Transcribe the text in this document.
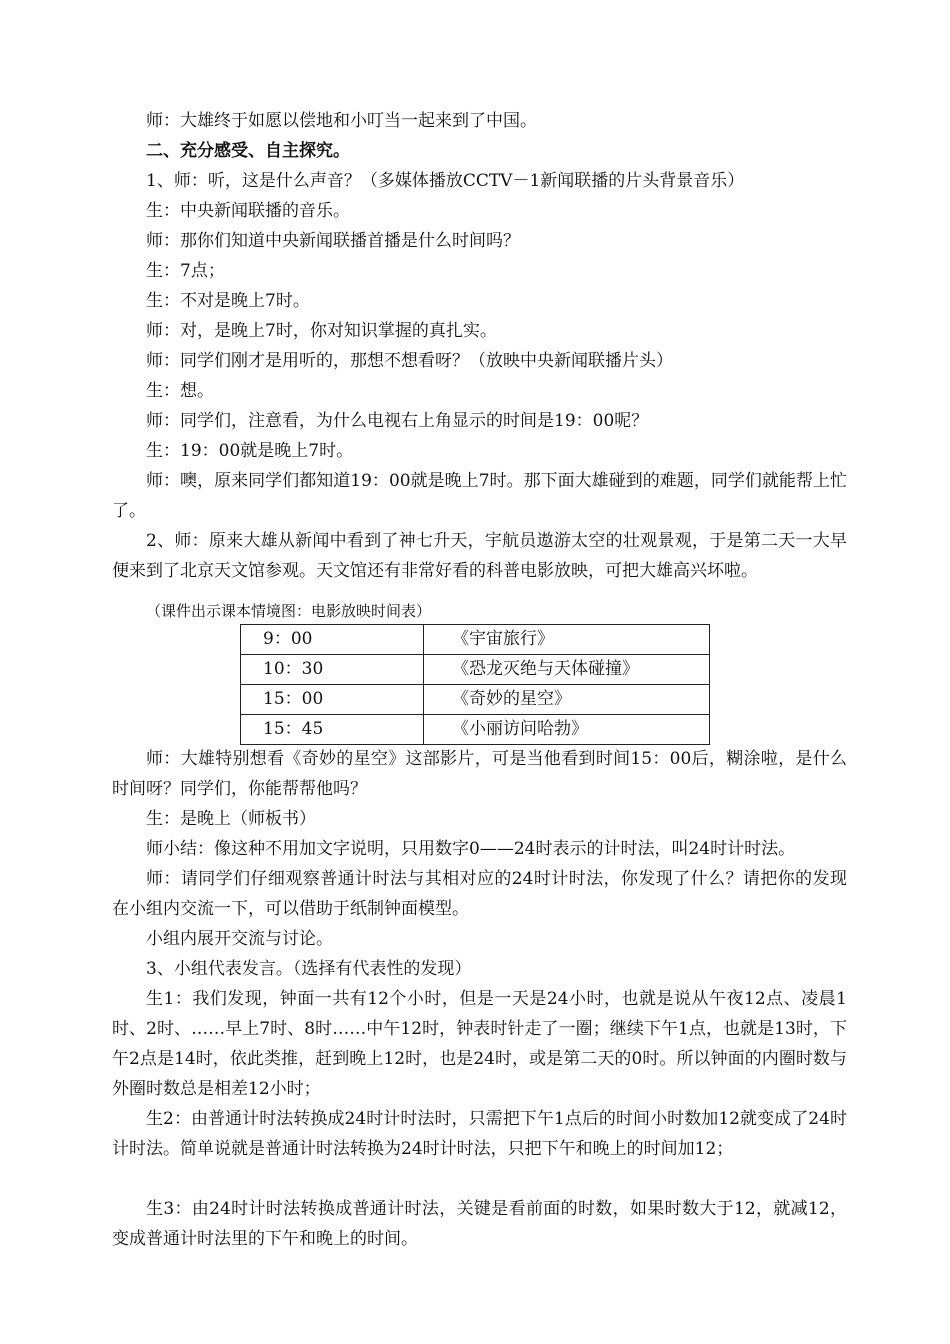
师：大雄终于如愿以偿地和小叮当一起来到了中国。

二、充分感受、自主探究。

1、师：听，这是什么声音？（多媒体播放CCTV－1新闻联播的片头背景音乐）

生：中央新闻联播的音乐。

师：那你们知道中央新闻联播首播是什么时间吗？

生：7点；

生：不对是晚上7时。

师：对，是晚上7时，你对知识掌握的真扎实。

师：同学们刚才是用听的，那想不想看呀？（放映中央新闻联播片头）

生：想。

师：同学们，注意看，为什么电视右上角显示的时间是19：00呢？

生：19：00就是晚上7时。

师：噢，原来同学们都知道19：00就是晚上7时。那下面大雄碰到的难题，同学们就能帮上忙了。

2、师：原来大雄从新闻中看到了神七升天，宇航员遨游太空的壮观景观，于是第二天一大早便来到了北京天文馆参观。天文馆还有非常好看的科普电影放映，可把大雄高兴坏啦。

（课件出示课本情境图：电影放映时间表）

9：00	《宇宙旅行》
10：30	《恐龙灭绝与天体碰撞》
15：00	《奇妙的星空》
15：45	《小丽访问哈勃》

师：大雄特别想看《奇妙的星空》这部影片，可是当他看到时间15：00后，糊涂啦，是什么时间呀？同学们，你能帮帮他吗？

生：是晚上（师板书）

师小结：像这种不用加文字说明，只用数字0——24时表示的计时法，叫24时计时法。

师：请同学们仔细观察普通计时法与其相对应的24时计时法，你发现了什么？请把你的发现在小组内交流一下，可以借助于纸制钟面模型。

小组内展开交流与讨论。

3、小组代表发言。（选择有代表性的发现）

生1：我们发现，钟面一共有12个小时，但是一天是24小时，也就是说从午夜12点、凌晨1时、2时、……早上7时、8时……中午12时，钟表时针走了一圈；继续下午1点，也就是13时，下午2点是14时，依此类推，赶到晚上12时，也是24时，或是第二天的0时。所以钟面的内圈时数与外圈时数总是相差12小时；

生2：由普通计时法转换成24时计时法时，只需把下午1点后的时间小时数加12就变成了24时计时法。简单说就是普通计时法转换为24时计时法，只把下午和晚上的时间加12；

生3：由24时计时法转换成普通计时法，关键是看前面的时数，如果时数大于12，就减12，变成普通计时法里的下午和晚上的时间。
